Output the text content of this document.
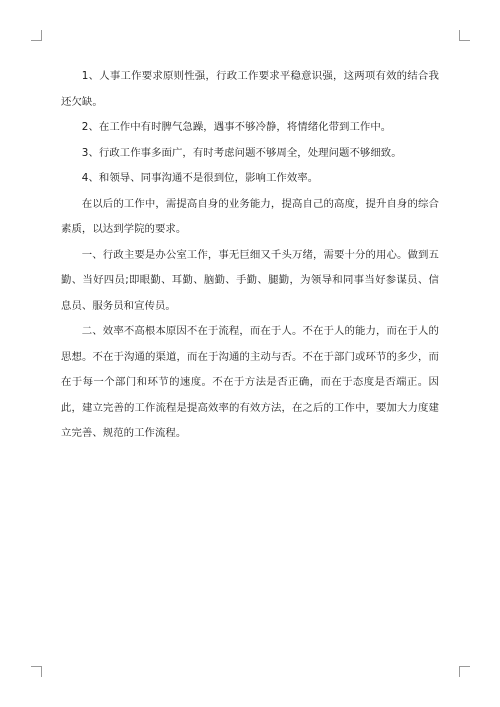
1、人事工作要求原则性强，行政工作要求平稳意识强，这两项有效的结合我还欠缺。

2、在工作中有时脾气急躁，遇事不够冷静，将情绪化带到工作中。

3、行政工作事多面广，有时考虑问题不够周全，处理问题不够细致。

4、和领导、同事沟通不是很到位，影响工作效率。

在以后的工作中，需提高自身的业务能力，提高自己的高度，提升自身的综合素质，以达到学院的要求。

一、行政主要是办公室工作，事无巨细又千头万绪，需要十分的用心。做到五勤、当好四员;即眼勤、耳勤、脑勤、手勤、腿勤，为领导和同事当好参谋员、信息员、服务员和宣传员。

二、效率不高根本原因不在于流程，而在于人。不在于人的能力，而在于人的思想。不在于沟通的渠道，而在于沟通的主动与否。不在于部门或环节的多少，而在于每一个部门和环节的速度。不在于方法是否正确，而在于态度是否端正。因此，建立完善的工作流程是提高效率的有效方法，在之后的工作中，要加大力度建立完善、规范的工作流程。
